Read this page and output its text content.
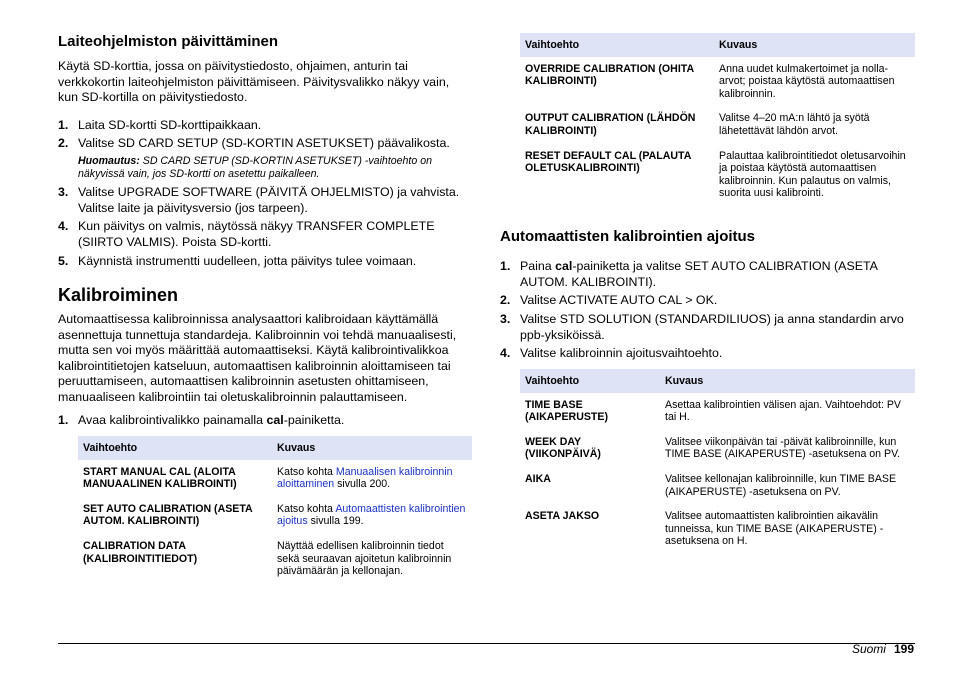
Laiteohjelmiston päivittäminen

Käytä SD-korttia, jossa on päivitystiedosto, ohjaimen, anturin tai verkkokortin laiteohjelmiston päivittämiseen. Päivitysvalikko näkyy vain, kun SD-kortilla on päivitystiedosto.

1. Laita SD-kortti SD-korttipaikkaan.
2. Valitse SD CARD SETUP (SD-KORTIN ASETUKSET) päävalikosta.
Huomautus: SD CARD SETUP (SD-KORTIN ASETUKSET) -vaihtoehto on näkyvissä vain, jos SD-kortti on asetettu paikalleen.
3. Valitse UPGRADE SOFTWARE (PÄIVITÄ OHJELMISTO) ja vahvista. Valitse laite ja päivitysversio (jos tarpeen).
4. Kun päivitys on valmis, näytössä näkyy TRANSFER COMPLETE (SIIRTO VALMIS). Poista SD-kortti.
5. Käynnistä instrumentti uudelleen, jotta päivitys tulee voimaan.
Kalibroiminen

Automaattisessa kalibroinnissa analysaattori kalibroidaan käyttämällä asennettuja tunnettuja standardeja. Kalibroinnin voi tehdä manuaalisesti, mutta sen voi myös määrittää automaattiseksi. Käytä kalibrointivalikkoa kalibrointitietojen katseluun, automaattisen kalibroinnin aloittamiseen tai peruuttamiseen, automaattisen kalibroinnin asetusten ohittamiseen, manuaaliseen kalibrointiin tai oletuskalibroinnin palauttamiseen.

1. Avaa kalibrointivalikko painamalla cal-painiketta.
Vaihtoehto	Kuvaus
START MANUAL CAL (ALOITA MANUAALINEN KALIBROINTI)	Katso kohta Manuaalisen kalibroinnin aloittaminen sivulla 200.
SET AUTO CALIBRATION (ASETA AUTOM. KALIBROINTI)	Katso kohta Automaattisten kalibrointien ajoitus sivulla 199.
CALIBRATION DATA (KALIBROINTITIEDOT)	Näyttää edellisen kalibroinnin tiedot sekä seuraavan ajoitetun kalibroinnin päivämäärän ja kellonajan.
Vaihtoehto	Kuvaus
OVERRIDE CALIBRATION (OHITA KALIBROINTI)	Anna uudet kulmakertoimet ja nolla-arvot; poistaa käytöstä automaattisen kalibroinnin.
OUTPUT CALIBRATION (LÄHDÖN KALIBROINTI)	Valitse 4–20 mA:n lähtö ja syötä lähetettävät lähdön arvot.
RESET DEFAULT CAL (PALAUTA OLETUSKALIBROINTI)	Palauttaa kalibrointitiedot oletusarvoihin ja poistaa käytöstä automaattisen kalibroinnin. Kun palautus on valmis, suorita uusi kalibrointi.
Automaattisten kalibrointien ajoitus
1. Paina cal-painiketta ja valitse SET AUTO CALIBRATION (ASETA AUTOM. KALIBROINTI).
2. Valitse ACTIVATE AUTO CAL > OK.
3. Valitse STD SOLUTION (STANDARDILIUOS) ja anna standardin arvo ppb-yksiköissä.
4. Valitse kalibroinnin ajoitusvaihtoehto.
Vaihtoehto	Kuvaus
TIME BASE (AIKAPERUSTE)	Asettaa kalibrointien välisen ajan. Vaihtoehdot: PV tai H.
WEEK DAY (VIIKONPÄIVÄ)	Valitsee viikonpäivän tai -päivät kalibroinnille, kun TIME BASE (AIKAPERUSTE) -asetuksena on PV.
AIKA	Valitsee kellonajan kalibroinnille, kun TIME BASE (AIKAPERUSTE) -asetuksena on PV.
ASETA JAKSO	Valitsee automaattisten kalibrointien aikavälin tunneissa, kun TIME BASE (AIKAPERUSTE) -asetuksena on H.
Suomi 199
